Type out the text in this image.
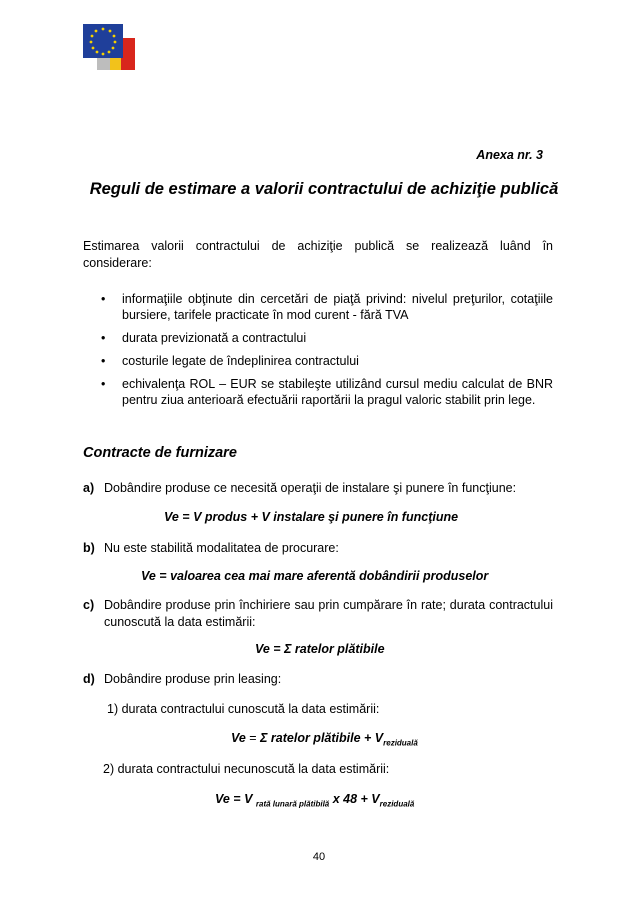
Anexa nr. 3
Reguli de estimare a valorii contractului de achiziţie publică
Estimarea valorii contractului de achiziţie publică se realizează luând în
considerare:
• informaţiile obţinute din cercetări de piaţă privind: nivelul preţurilor, cotaţiile bursiere, tarifele practicate în mod curent - fără TVA
• durata previzionată a contractului
• costurile legate de îndeplinirea contractului
• echivalenţa ROL – EUR se stabileşte utilizând cursul mediu calculat de BNR pentru ziua anterioară efectuării raportării la pragul valoric stabilit prin lege.
Contracte de furnizare
a) Dobândire produse ce necesită operaţii de instalare şi punere în funcţiune:
Ve = V produs + V instalare şi punere în funcţiune
b) Nu este stabilită modalitatea de procurare:
Ve = valoarea cea mai mare aferentă dobândirii produselor
c) Dobândire produse prin închiriere sau prin cumpărare în rate; durata contractului cunoscută la data estimării:
Ve = Σ ratelor plătibile
d) Dobândire produse prin leasing:
1) durata contractului cunoscută la data estimării:
Ve = Σ ratelor plătibile + $V_{reziduală}$
2) durata contractului necunoscută la data estimării:
Ve = V $_{rată lunară plătibilă}$ x $48 + V_{reziduală}$
40
